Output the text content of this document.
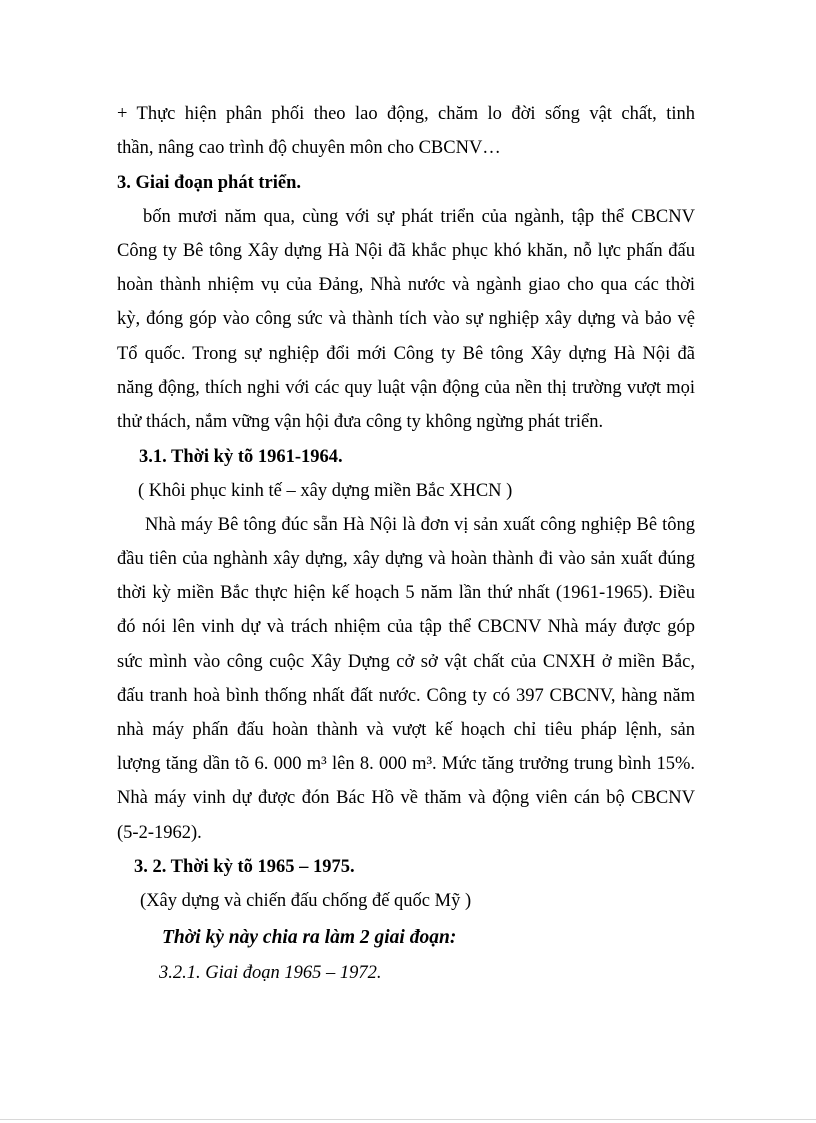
+ Thực hiện phân phối theo lao động, chăm lo đời sống vật chất, tinh
thần, nâng cao trình độ chuyên môn cho CBCNV…
3. Giai đoạn phát triển.
bốn mươi năm qua, cùng với sự phát triển của ngành, tập thể CBCNV
Công ty Bê tông Xây dựng Hà Nội đã khắc phục khó khăn, nỗ lực phấn đấu
hoàn thành nhiệm vụ của Đảng, Nhà nước và ngành giao cho qua các thời
kỳ, đóng góp vào công sức và thành tích vào sự nghiệp xây dựng và bảo vệ
Tổ quốc. Trong sự nghiệp đổi mới Công ty Bê tông Xây dựng Hà Nội đã
năng động, thích nghi với các quy luật vận động của nền thị trường vượt mọi
thử thách, nắm vững vận hội đưa công ty không ngừng phát triển.
3.1. Thời kỳ tõ 1961-1964.
( Khôi phục kinh tế – xây dựng miền Bắc XHCN )
Nhà máy Bê tông đúc sẵn Hà Nội là đơn vị sản xuất công nghiệp Bê tông
đầu tiên của nghành xây dựng, xây dựng và hoàn thành đi vào sản xuất đúng
thời kỳ miền Bắc thực hiện kế hoạch 5 năm lần thứ nhất (1961-1965). Điều
đó nói lên vinh dự và trách nhiệm của tập thể CBCNV Nhà máy được góp
sức mình vào công cuộc Xây Dựng cở sở vật chất của CNXH ở miền Bắc,
đấu tranh hoà bình thống nhất đất nước. Công ty có 397 CBCNV, hàng năm
nhà máy phấn đấu hoàn thành và vượt kế hoạch chỉ tiêu pháp lệnh, sản
lượng tăng dần tõ 6. 000 m³ lên 8. 000 m³. Mức tăng trưởng trung bình 15%.
Nhà máy vinh dự được đón Bác Hồ về thăm và động viên cán bộ CBCNV
(5-2-1962).
3. 2. Thời kỳ tõ 1965 – 1975.
(Xây dựng và chiến đấu chống đế quốc Mỹ )
Thời kỳ này chia ra làm 2 giai đoạn:
3.2.1. Giai đoạn 1965 – 1972.
